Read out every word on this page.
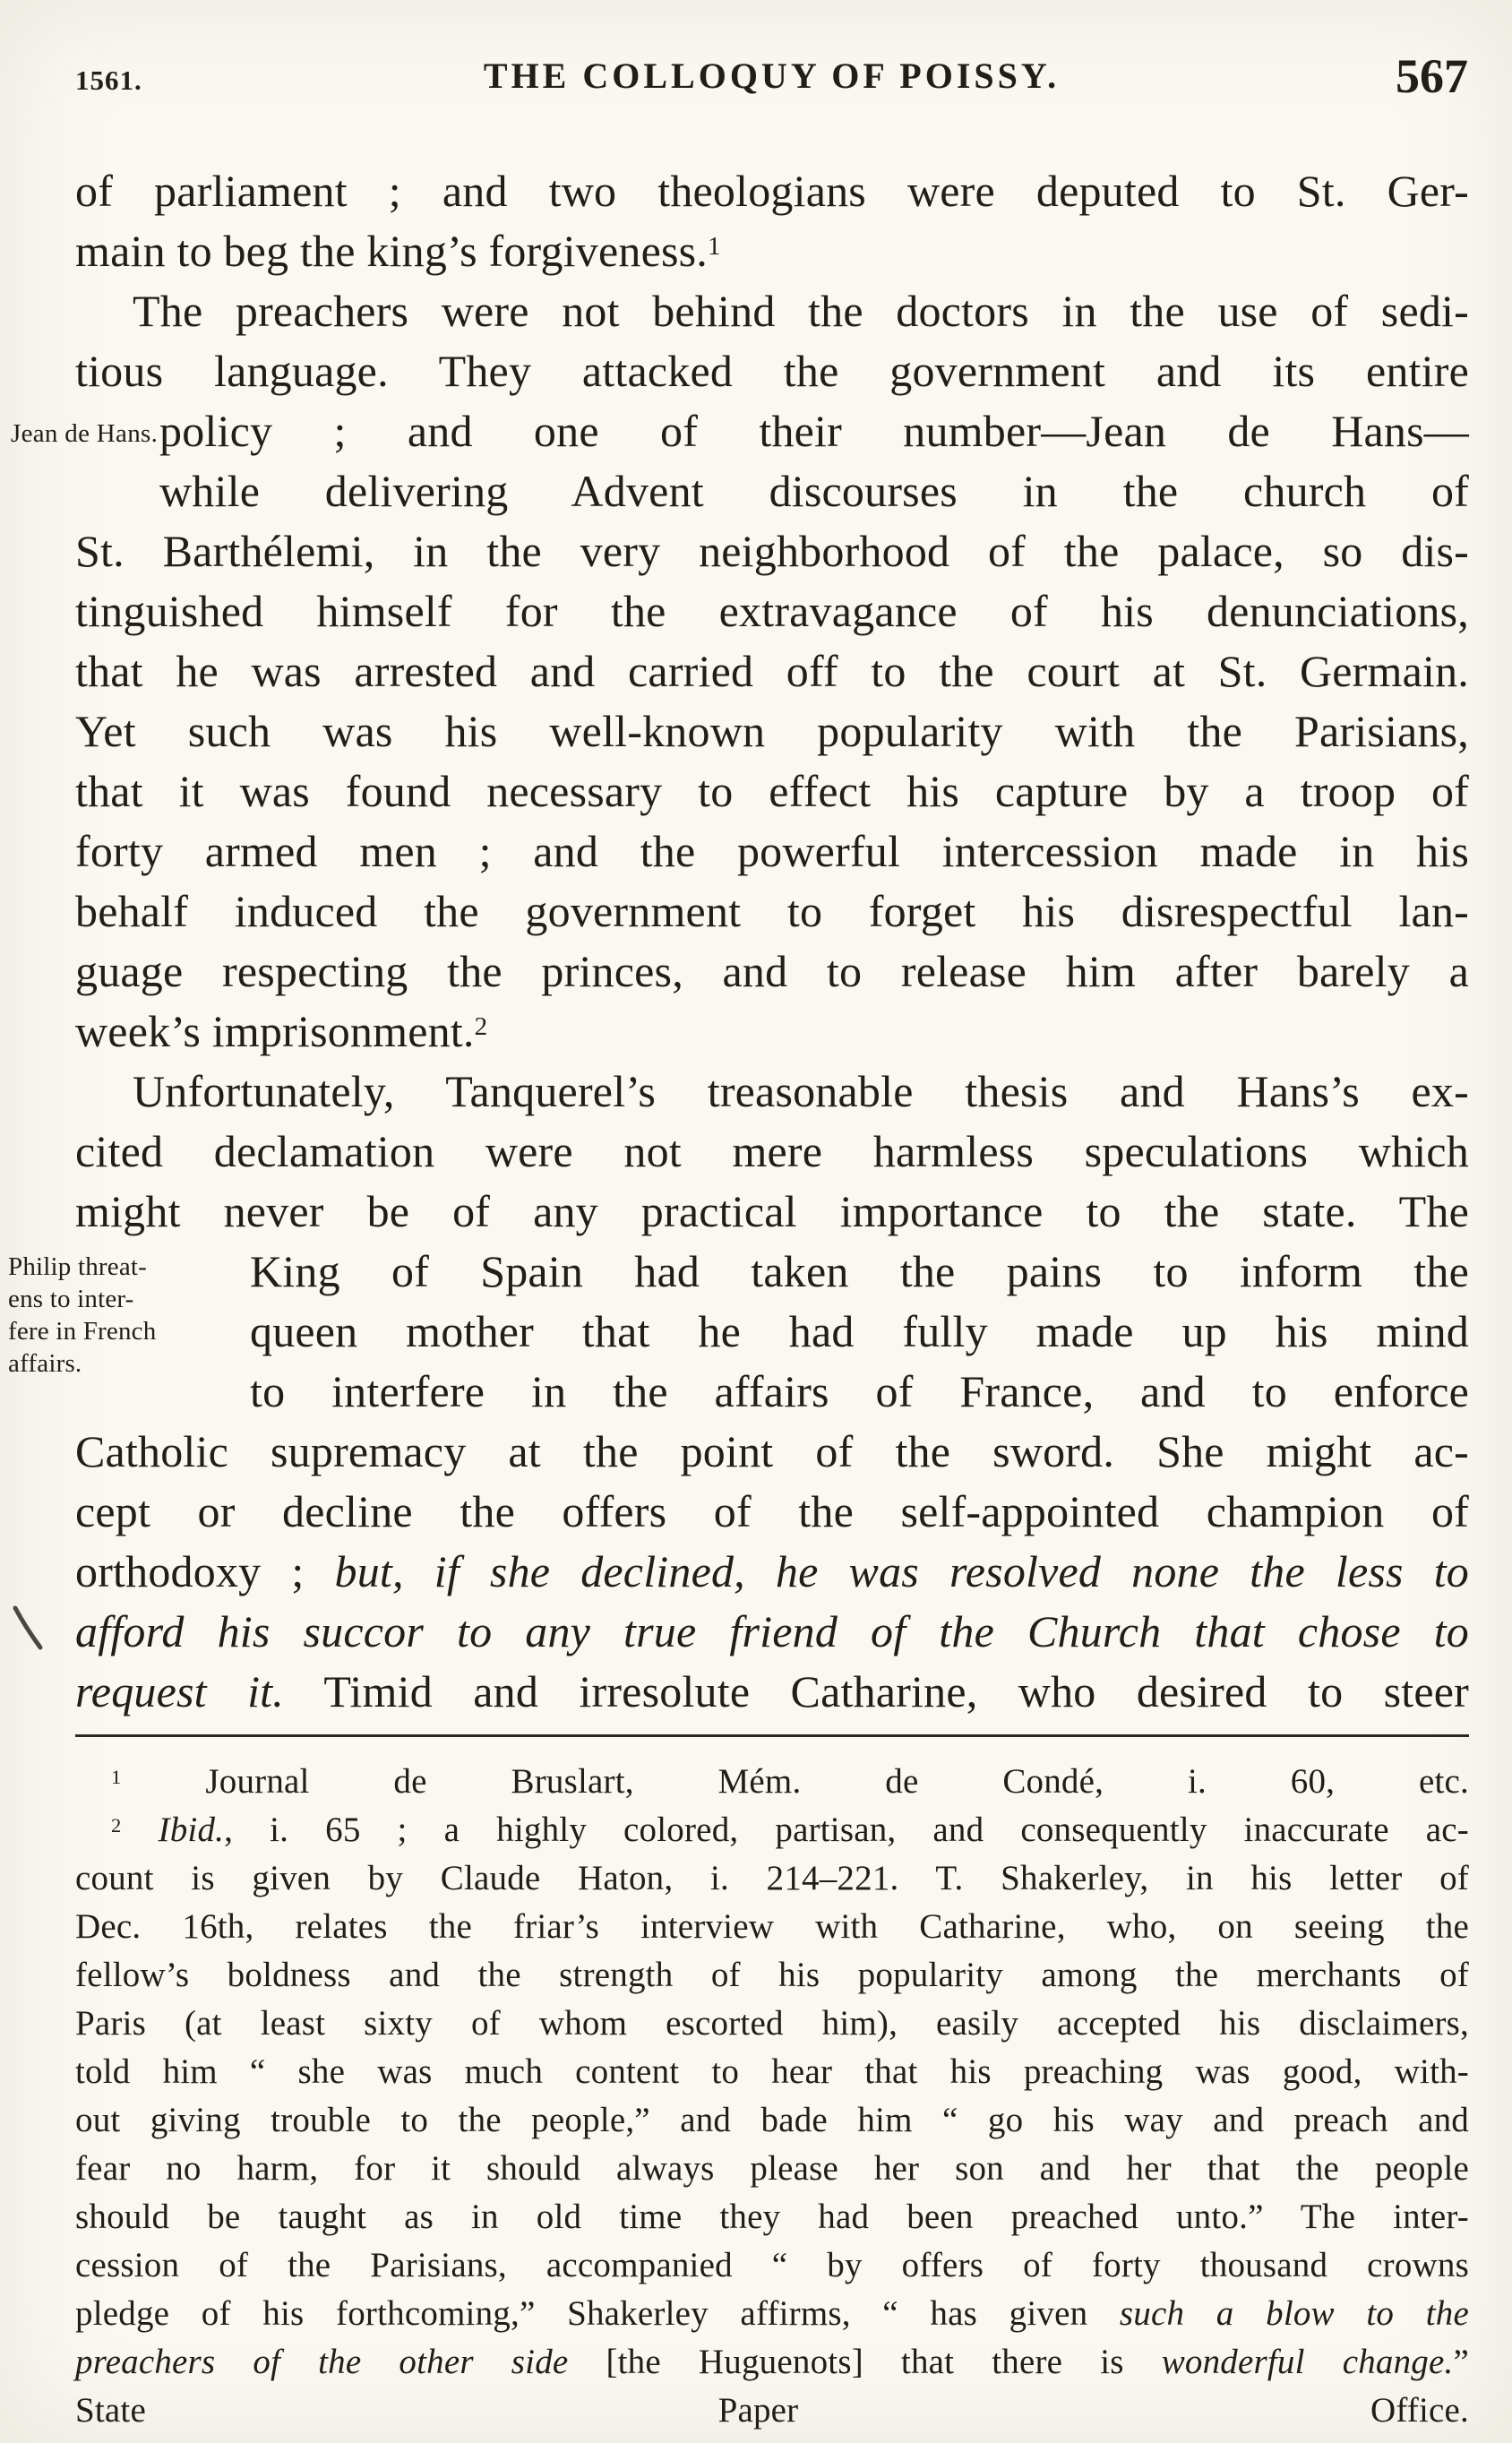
1561.	THE COLLOQUY OF POISSY.	567
of parliament ; and two theologians were deputed to St. Ger-
main to beg the king’s forgiveness.$^1$
The preachers were not behind the doctors in the use of sedi-
tious language. They attacked the government and its entire
Jean de Hans. policy ; and one of their number—Jean de Hans—
while delivering Advent discourses in the church of
St. Barthélemi, in the very neighborhood of the palace, so dis-
tinguished himself for the extravagance of his denunciations,
that he was arrested and carried off to the court at St. Germain.
Yet such was his well-known popularity with the Parisians,
that it was found necessary to effect his capture by a troop of
forty armed men ; and the powerful intercession made in his
behalf induced the government to forget his disrespectful lan-
guage respecting the princes, and to release him after barely a
week’s imprisonment.$^2$
Unfortunately, Tanquerel’s treasonable thesis and Hans’s ex-
cited declamation were not mere harmless speculations which
might never be of any practical importance to the state. The
Philip threat-
ens to inter-
fere in French
affairs.
King of Spain had taken the pains to inform the
queen mother that he had fully made up his mind
to interfere in the affairs of France, and to enforce
Catholic supremacy at the point of the sword. She might ac-
cept or decline the offers of the self-appointed champion of
orthodoxy ; but, if she declined, he was resolved none the less to
afford his succor to any true friend of the Church that chose to
request it. Timid and irresolute Catharine, who desired to steer
$^1$ Journal de Bruslart, Mém. de Condé, i. 60, etc.
$^2$ Ibid., i. 65 ; a highly colored, partisan, and consequently inaccurate ac-
count is given by Claude Haton, i. 214–221. T. Shakerley, in his letter of
Dec. 16th, relates the friar’s interview with Catharine, who, on seeing the
fellow’s boldness and the strength of his popularity among the merchants of
Paris (at least sixty of whom escorted him), easily accepted his disclaimers,
told him “ she was much content to hear that his preaching was good, with-
out giving trouble to the people,” and bade him “ go his way and preach and
fear no harm, for it should always please her son and her that the people
should be taught as in old time they had been preached unto.” The inter-
cession of the Parisians, accompanied “ by offers of forty thousand crowns
pledge of his forthcoming,” Shakerley affirms, “ has given such a blow to the
preachers of the other side [the Huguenots] that there is wonderful change.”
State Paper Office.
